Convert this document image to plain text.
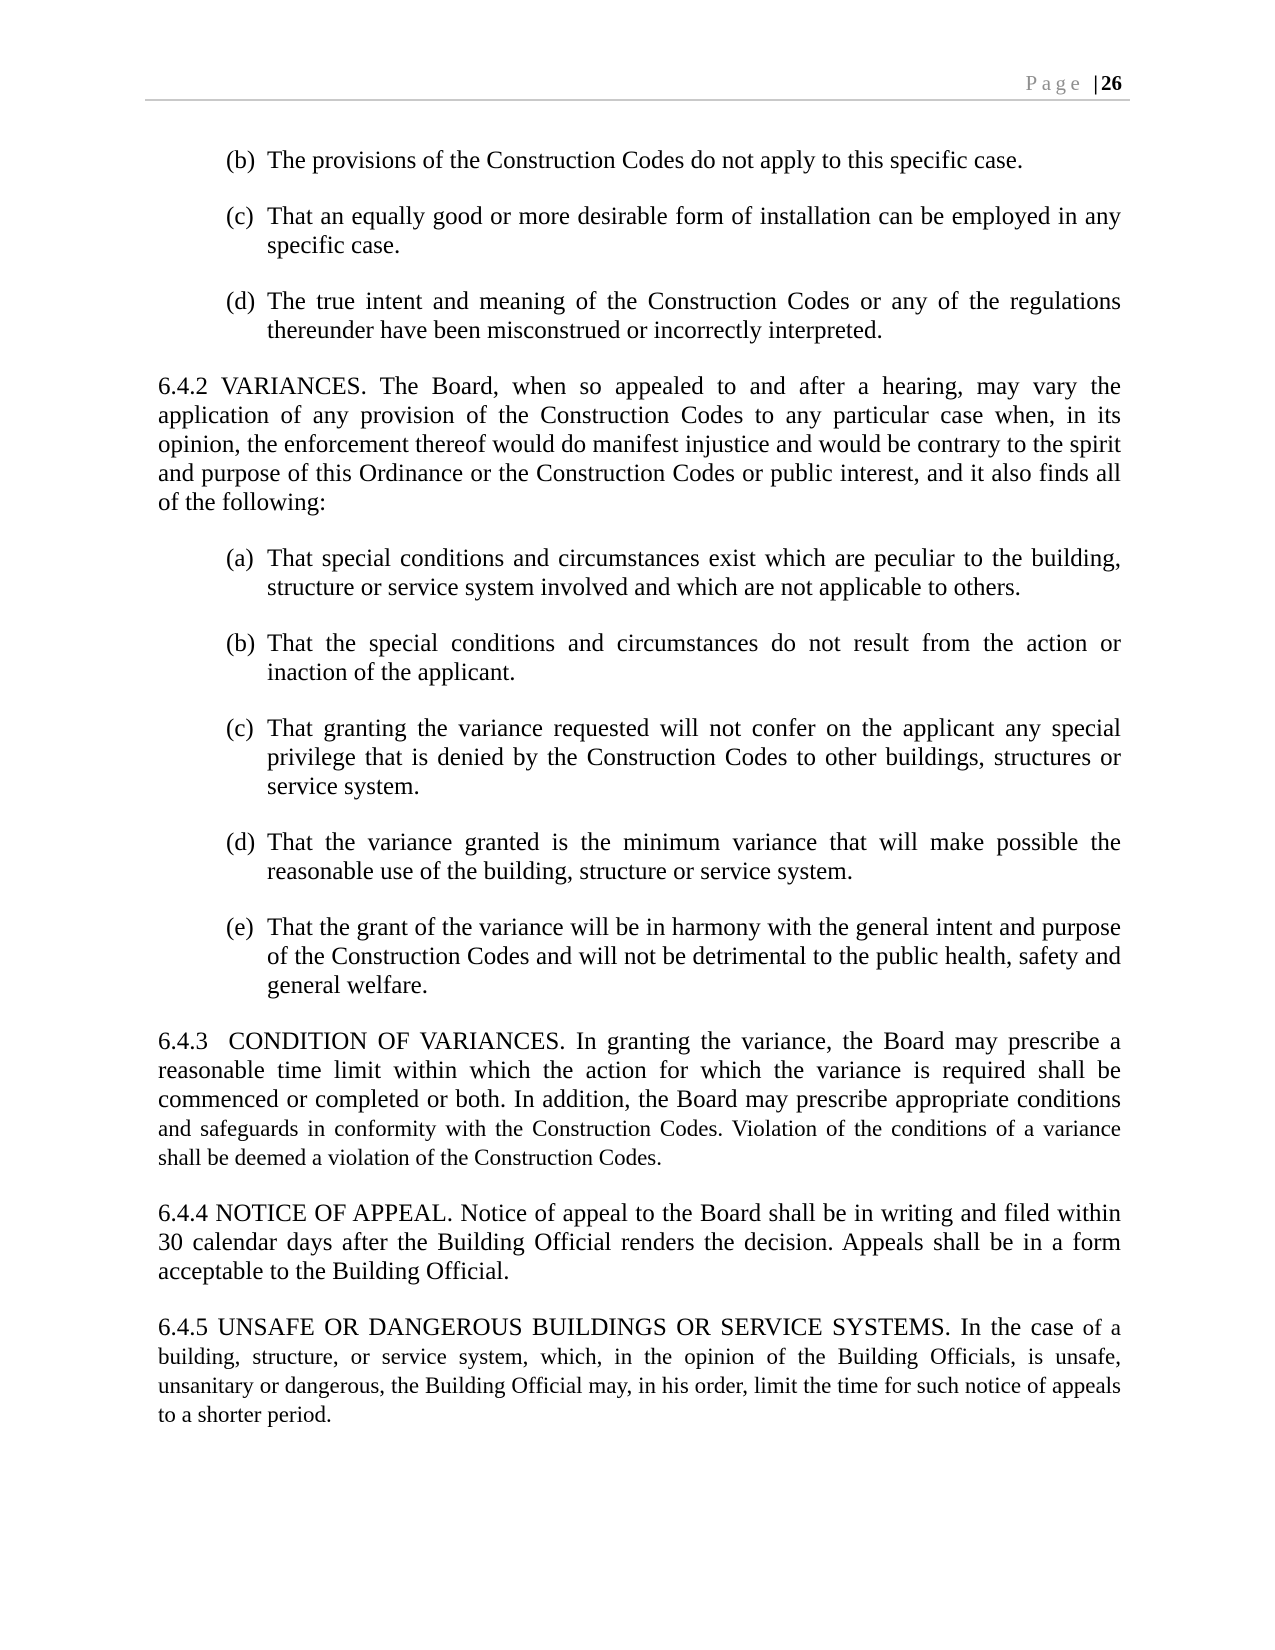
Page | 26
(b) The provisions of the Construction Codes do not apply to this specific case.
(c) That an equally good or more desirable form of installation can be employed in any specific case.
(d) The true intent and meaning of the Construction Codes or any of the regulations thereunder have been misconstrued or incorrectly interpreted.

6.4.2 VARIANCES. The Board, when so appealed to and after a hearing, may vary the application of any provision of the Construction Codes to any particular case when, in its opinion, the enforcement thereof would do manifest injustice and would be contrary to the spirit and purpose of this Ordinance or the Construction Codes or public interest, and it also finds all of the following:

(a) That special conditions and circumstances exist which are peculiar to the building, structure or service system involved and which are not applicable to others.
(b) That the special conditions and circumstances do not result from the action or inaction of the applicant.
(c) That granting the variance requested will not confer on the applicant any special privilege that is denied by the Construction Codes to other buildings, structures or service system.
(d) That the variance granted is the minimum variance that will make possible the reasonable use of the building, structure or service system.
(e) That the grant of the variance will be in harmony with the general intent and purpose of the Construction Codes and will not be detrimental to the public health, safety and general welfare.

6.4.3  CONDITION OF VARIANCES. In granting the variance, the Board may prescribe a reasonable time limit within which the action for which the variance is required shall be commenced or completed or both. In addition, the Board may prescribe appropriate conditions and safeguards in conformity with the Construction Codes. Violation of the conditions of a variance shall be deemed a violation of the Construction Codes.

6.4.4 NOTICE OF APPEAL. Notice of appeal to the Board shall be in writing and filed within 30 calendar days after the Building Official renders the decision. Appeals shall be in a form acceptable to the Building Official.

6.4.5 UNSAFE OR DANGEROUS BUILDINGS OR SERVICE SYSTEMS. In the case of a building, structure, or service system, which, in the opinion of the Building Officials, is unsafe, unsanitary or dangerous, the Building Official may, in his order, limit the time for such notice of appeals to a shorter period.
